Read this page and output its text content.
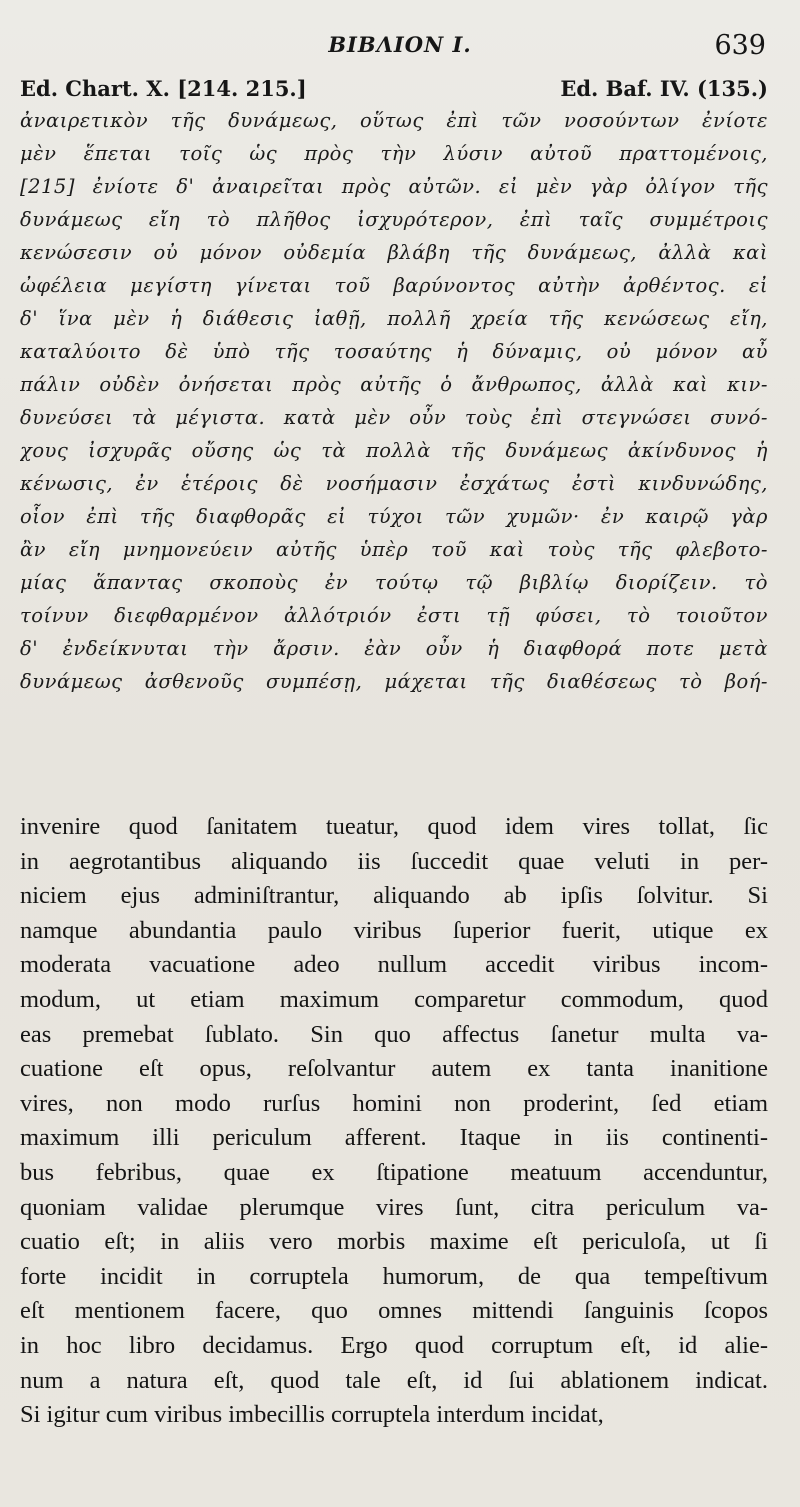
BIBΛΙΟΝ I.	639
Ed. Chart. X. [214. 215.]	Ed. Baf. IV. (135.)
ἀναιρετικὸν τῆς δυνάμεως, οὕτως ἐπὶ τῶν νοσούντων ἐνίοτε
μὲν ἕπεται τοῖς ὡς πρὸς τὴν λύσιν αὐτοῦ πραττομένοις,
[215] ἐνίοτε δ' ἀναιρεῖται πρὸς αὐτῶν. εἰ μὲν γὰρ ὀλίγον τῆς
δυνάμεως εἴη τὸ πλῆθος ἰσχυρότερον, ἐπὶ ταῖς συμμέτροις
κενώσεσιν οὐ μόνον οὐδεμία βλάβη τῆς δυνάμεως, ἀλλὰ καὶ
ὠφέλεια μεγίστη γίνεται τοῦ βαρύνοντος αὐτὴν ἀρθέντος. εἰ
δ' ἵνα μὲν ἡ διάθεσις ἰαθῇ, πολλῆ χρεία τῆς κενώσεως εἴη,
καταλύοιτο δὲ ὑπὸ τῆς τοσαύτης ἡ δύναμις, οὐ μόνον αὖ
πάλιν οὐδὲν ὀνήσεται πρὸς αὐτῆς ὁ ἄνθρωπος, ἀλλὰ καὶ κιν-
δυνεύσει τὰ μέγιστα. κατὰ μὲν οὖν τοὺς ἐπὶ στεγνώσει συνό-
χους ἰσχυρᾶς οὔσης ὡς τὰ πολλὰ τῆς δυνάμεως ἀκίνδυνος ἡ
κένωσις, ἐν ἑτέροις δὲ νοσήμασιν ἐσχάτως ἐστὶ κινδυνώδης,
οἷον ἐπὶ τῆς διαφθορᾶς εἰ τύχοι τῶν χυμῶν· ἐν καιρῷ γὰρ
ἂν εἴη μνημονεύειν αὐτῆς ὑπὲρ τοῦ καὶ τοὺς τῆς φλεβοτο-
μίας ἅπαντας σκοποὺς ἐν τούτῳ τῷ βιβλίῳ διορίζειν. τὸ
τοίνυν διεφθαρμένον ἀλλότριόν ἐστι τῇ φύσει, τὸ τοιοῦτον
δ' ἐνδείκνυται τὴν ἄρσιν. ἐὰν οὖν ἡ διαφθορά ποτε μετὰ
δυνάμεως ἀσθενοῦς συμπέσῃ, μάχεται τῆς διαθέσεως τὸ βοή-
invenire quod ſanitatem tueatur, quod idem vires tollat, ſic
in aegrotantibus aliquando iis ſuccedit quae veluti in per-
niciem ejus adminiſtrantur, aliquando ab ipſis ſolvitur. Si
namque abundantia paulo viribus ſuperior fuerit, utique ex
moderata vacuatione adeo nullum accedit viribus incom-
modum, ut etiam maximum comparetur commodum, quod
eas premebat ſublato. Sin quo affectus ſanetur multa va-
cuatione eſt opus, reſolvantur autem ex tanta inanitione
vires, non modo rurſus homini non proderint, ſed etiam
maximum illi periculum afferent. Itaque in iis continenti-
bus febribus, quae ex ſtipatione meatuum accenduntur,
quoniam validae plerumque vires ſunt, citra periculum va-
cuatio eſt; in aliis vero morbis maxime eſt periculoſa, ut ſi
forte incidit in corruptela humorum, de qua tempeſtivum
eſt mentionem facere, quo omnes mittendi ſanguinis ſcopos
in hoc libro decidamus. Ergo quod corruptum eſt, id alie-
num a natura eſt, quod tale eſt, id ſui ablationem indicat.
Si igitur cum viribus imbecillis corruptela interdum incidat,
